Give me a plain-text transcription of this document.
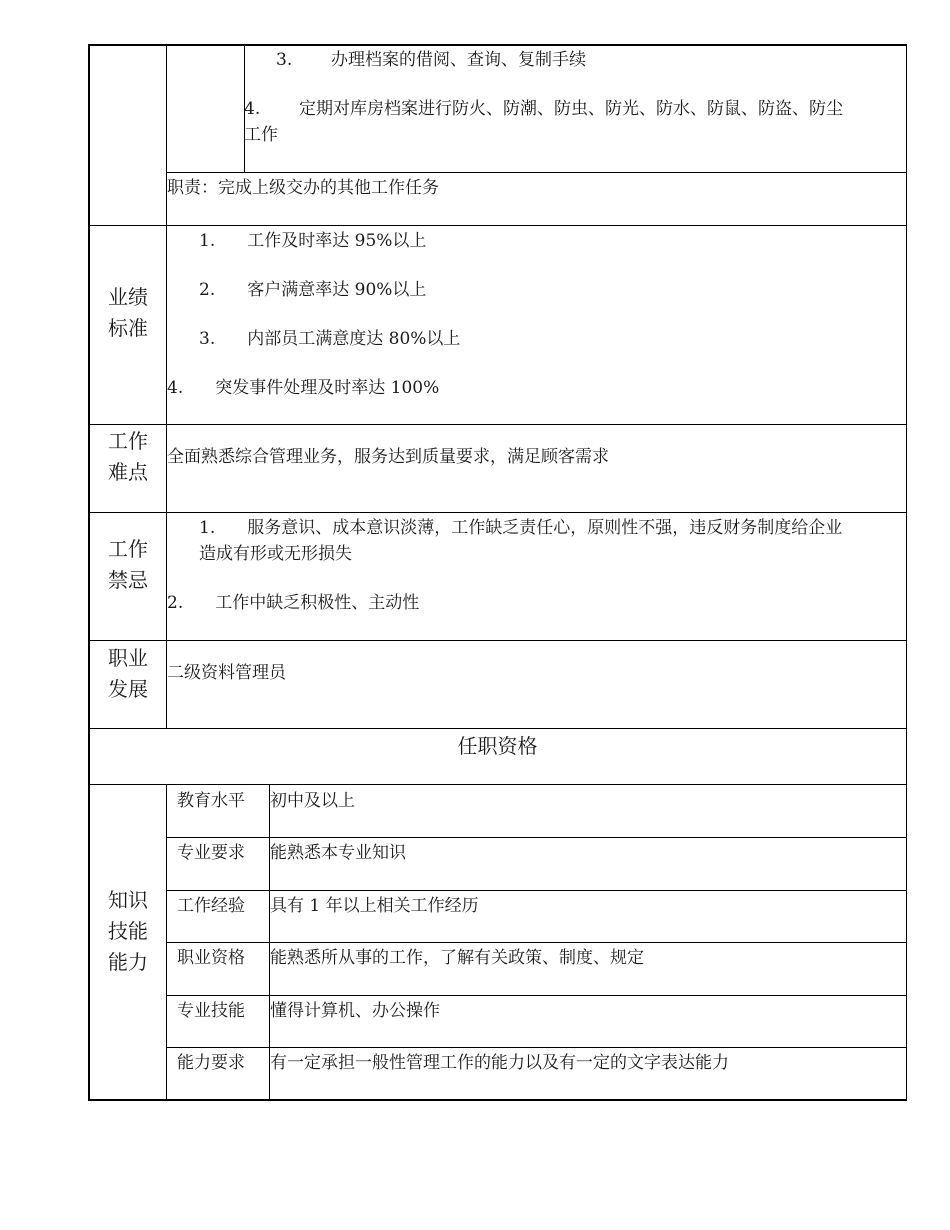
3. 办理档案的借阅、查询、复制手续
4. 定期对库房档案进行防火、防潮、防虫、防光、防水、防鼠、防盗、防尘
工作
职责：完成上级交办的其他工作任务
业绩
标准
1. 工作及时率达 95%以上
2. 客户满意率达 90%以上
3. 内部员工满意度达 80%以上
4. 突发事件处理及时率达 100%
工作
难点
全面熟悉综合管理业务，服务达到质量要求，满足顾客需求
工作
禁忌
1. 服务意识、成本意识淡薄，工作缺乏责任心，原则性不强，违反财务制度给企业
造成有形或无形损失
2. 工作中缺乏积极性、主动性
职业
发展
二级资料管理员
任职资格
知识
技能
能力
教育水平 初中及以上
专业要求 能熟悉本专业知识
工作经验 具有 1 年以上相关工作经历
职业资格 能熟悉所从事的工作，了解有关政策、制度、规定
专业技能 懂得计算机、办公操作
能力要求 有一定承担一般性管理工作的能力以及有一定的文字表达能力
